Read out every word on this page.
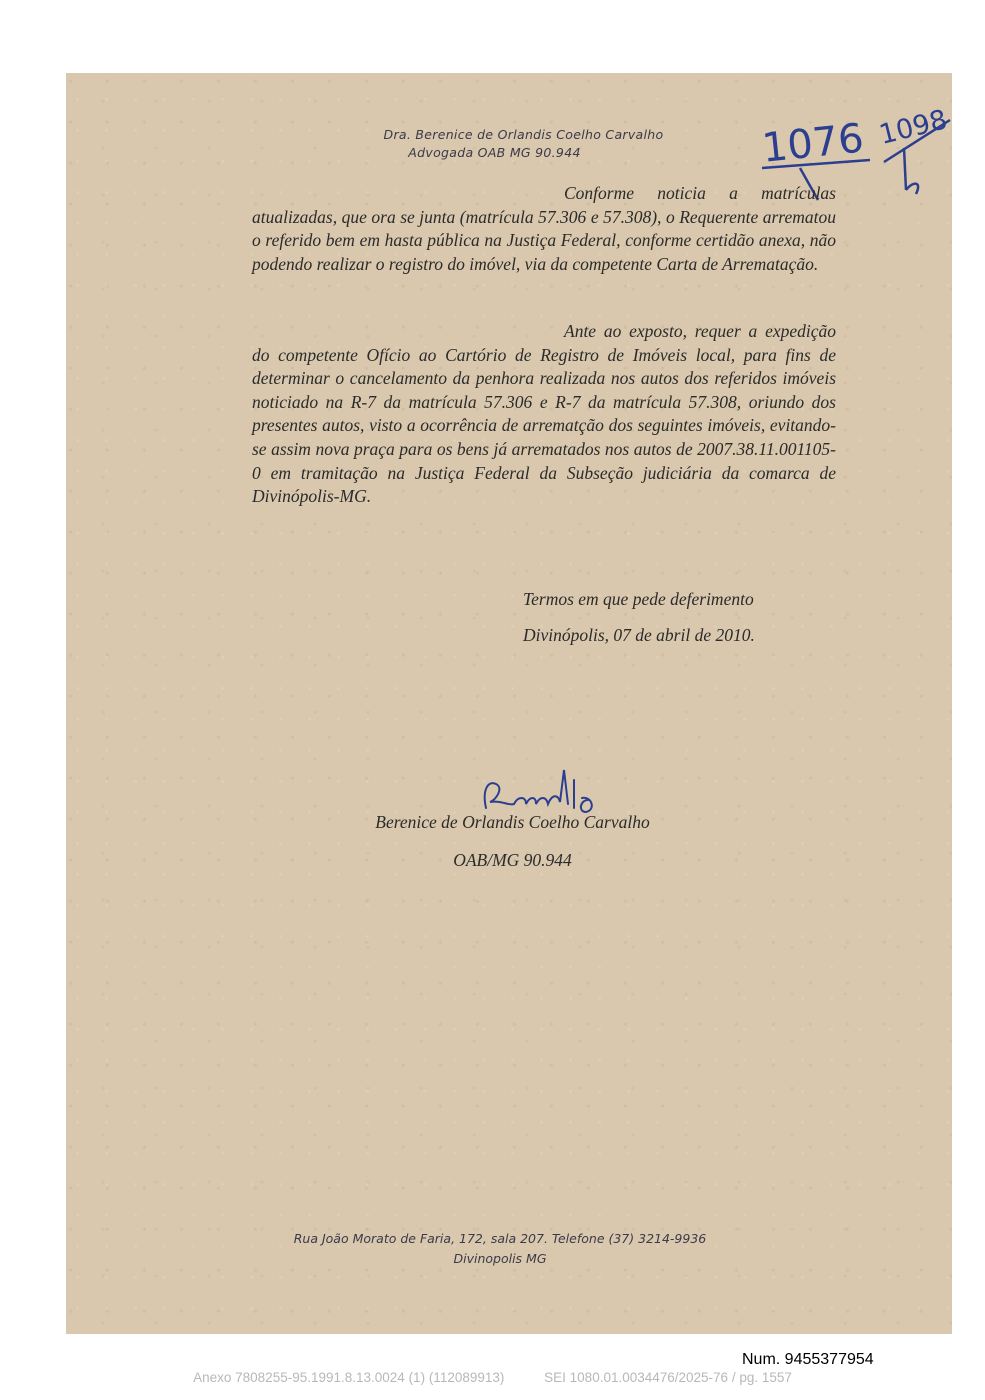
Dra. Berenice de Orlandis Coelho Carvalho
Advogada OAB MG 90.944	1076 1098

Conforme noticia a matrículas atualizadas, que ora se junta (matrícula 57.306 e 57.308), o Requerente arrematou o referido bem em hasta pública na Justiça Federal, conforme certidão anexa, não podendo realizar o registro do imóvel, via da competente Carta de Arrematação.

Ante ao exposto, requer a expedição do competente Ofício ao Cartório de Registro de Imóveis local, para fins de determinar o cancelamento da penhora realizada nos autos dos referidos imóveis noticiado na R-7 da matrícula 57.306 e R-7 da matrícula 57.308, oriundo dos presentes autos, visto a ocorrência de arrematção dos seguintes imóveis, evitando-se assim nova praça para os bens já arrematados nos autos de 2007.38.11.001105-0 em tramitação na Justiça Federal da Subseção judiciária da comarca de Divinópolis-MG.

Termos em que pede deferimento
Divinópolis, 07 de abril de 2010.
Berenice de Orlandis Coelho Carvalho
OAB/MG 90.944
Rua João Morato de Faria, 172, sala 207. Telefone (37) 3214-9936
Divinopolis MG
Num. 9455377954
Anexo 7808255-95.1991.8.13.0024 (1) (112089913)	SEI 1080.01.0034476/2025-76 / pg. 1557
